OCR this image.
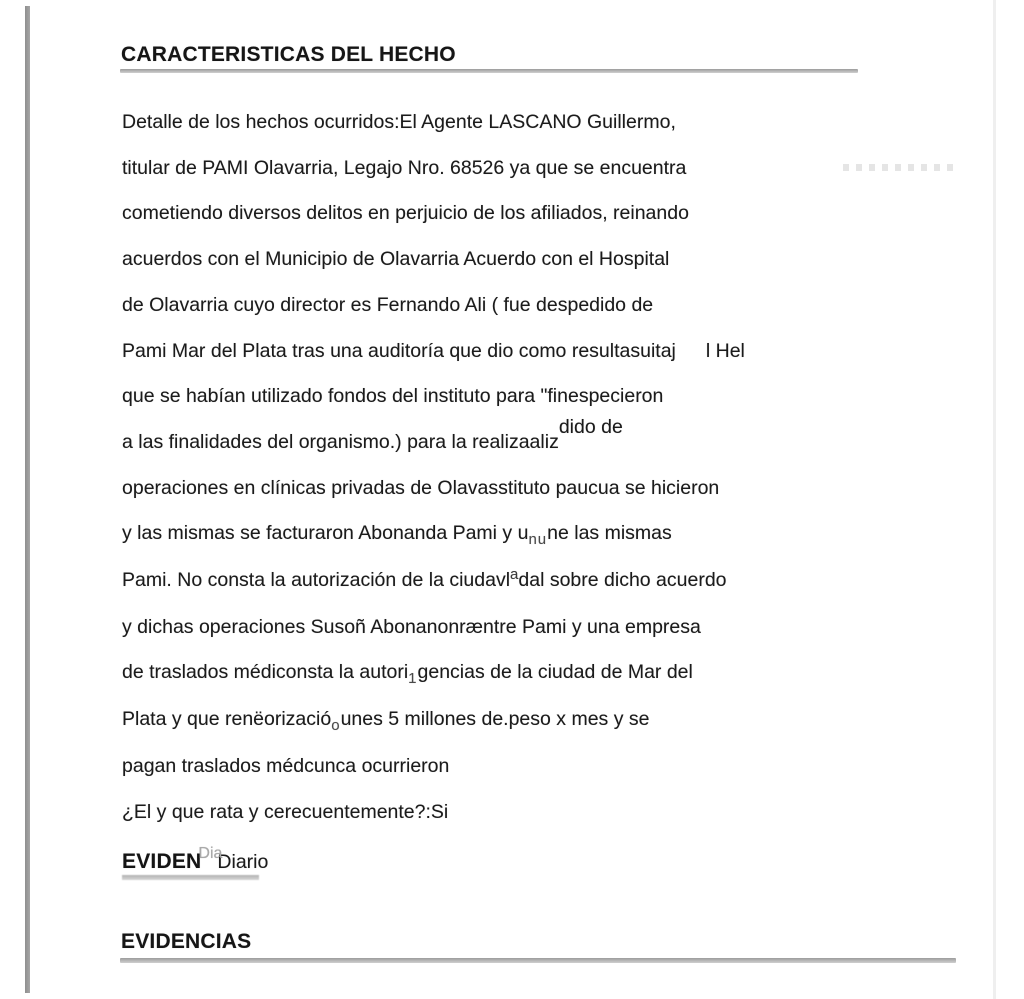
CARACTERISTICAS DEL HECHO
Detalle de los hechos ocurridos:El Agente LASCANO Guillermo,
titular de PAMI Olavarria, Legajo Nro. 68526 ya que se encuentra
cometiendo diversos delitos en perjuicio de los afiliados, reinando
acuerdos con el Municipio de Olavarria Acuerdo con el Hospital
de Olavarria cuyo director es Fernando Ali ( fue despedido de
Pami Mar del Plata tras una auditoría que dio como resultasuitaj l Hel
que se habían utilizado fondos del instituto para "finespecieron
a las finalidades del organismo.) para la realizaalizdido de
operaciones en clínicas privadas de Olavasstituto paucua se hicieron
y las mismas se facturaron Abonanda Pami y unune las mismas
Pami. No consta la autorización de la ciudavladal sobre dicho acuerdo
y dichas operaciones Susoñ Abonanonræntre Pami y una empresa
de traslados médiconsta la autori1gencias de la ciudad de Mar del
Plata y que renëorizacióounes 5 millones de.peso x mes y se
pagan traslados médcunca ocurrieron
¿El y que rata y cerecuentemente?:Si
EVIDENDiaDiario
EVIDENCIAS
